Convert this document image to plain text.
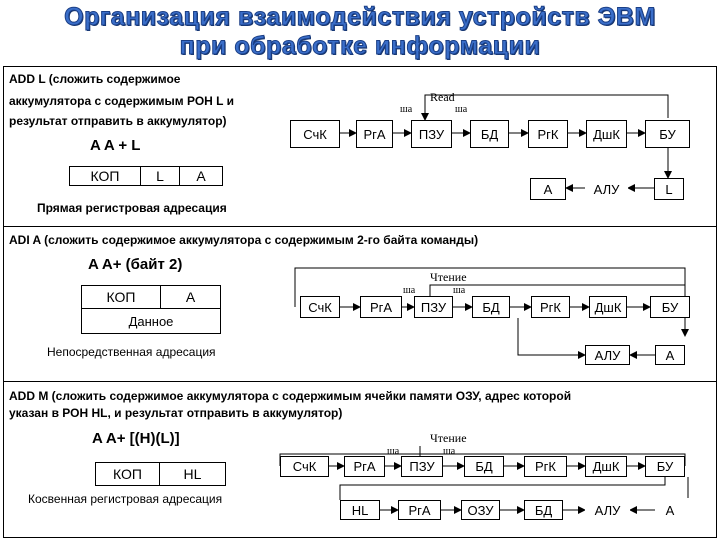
Организация взаимодействия устройств ЭВМ
при обработке информации
ADD L (сложить содержимое
аккумулятора с содержимым РОН L и
результат отправить в аккумулятор)
A A + L
КОП	L	A
Прямая регистровая адресация
ша	ша
Read
СчК	РгА	ПЗУ	БД	РгК	ДшК	БУ
A	АЛУ	L
ADI A (сложить содержимое аккумулятора с содержимым 2-го байта команды)
A A+ (байт 2)
КОП	A
Данное
Непосредственная адресация
ша	ша
Чтение
СчК	РгА	ПЗУ	БД	РгК	ДшК	БУ
АЛУ	A
ADD M (сложить содержимое аккумулятора с содержимым ячейки памяти ОЗУ, адрес которой
указан в РОН HL, и результат отправить в аккумулятор)
A A+ [(H)(L)]
КОП	HL
Косвенная регистровая адресация
ша	ша
Чтение
СчК	РгА	ПЗУ	БД	РгК	ДшК	БУ
HL	РгА	ОЗУ	БД	АЛУ	A
